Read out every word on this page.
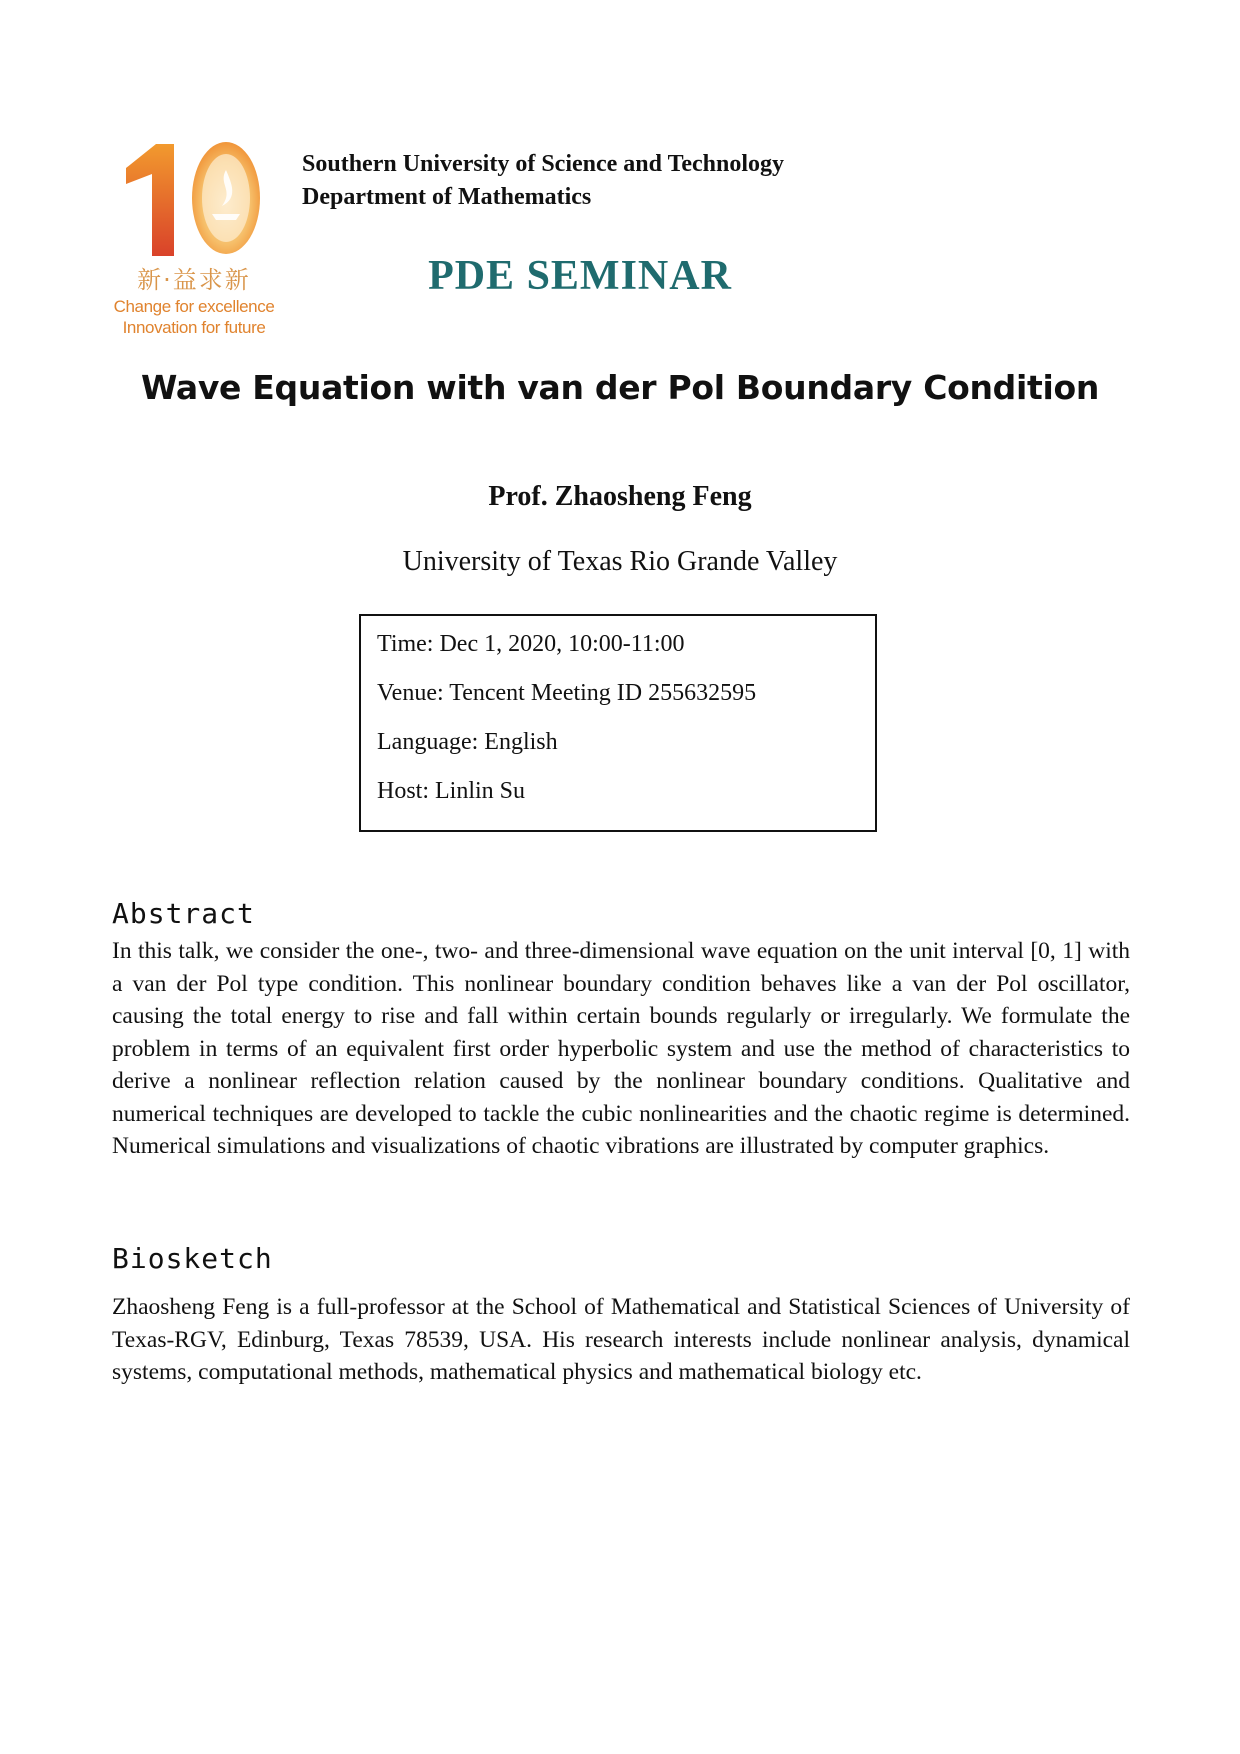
新·益求新
Change for excellence
Innovation for future
Southern University of Science and Technology
Department of Mathematics
PDE SEMINAR
Wave Equation with van der Pol Boundary Condition
Prof. Zhaosheng Feng
University of Texas Rio Grande Valley
Time: Dec 1, 2020, 10:00-11:00
Venue: Tencent Meeting ID 255632595
Language: English
Host: Linlin Su
Abstract
In this talk, we consider the one-, two- and three-dimensional wave equation on the unit interval [0, 1] with a van der Pol type condition. This nonlinear boundary condition behaves like a van der Pol oscillator, causing the total energy to rise and fall within certain bounds regularly or irregularly. We formulate the problem in terms of an equivalent first order hyperbolic system and use the method of characteristics to derive a nonlinear reflection relation caused by the nonlinear boundary conditions. Qualitative and numerical techniques are developed to tackle the cubic nonlinearities and the chaotic regime is determined. Numerical simulations and visualizations of chaotic vibrations are illustrated by computer graphics.
Biosketch
Zhaosheng Feng is a full-professor at the School of Mathematical and Statistical Sciences of University of Texas-RGV, Edinburg, Texas 78539, USA. His research interests include nonlinear analysis, dynamical systems, computational methods, mathematical physics and mathematical biology etc.
